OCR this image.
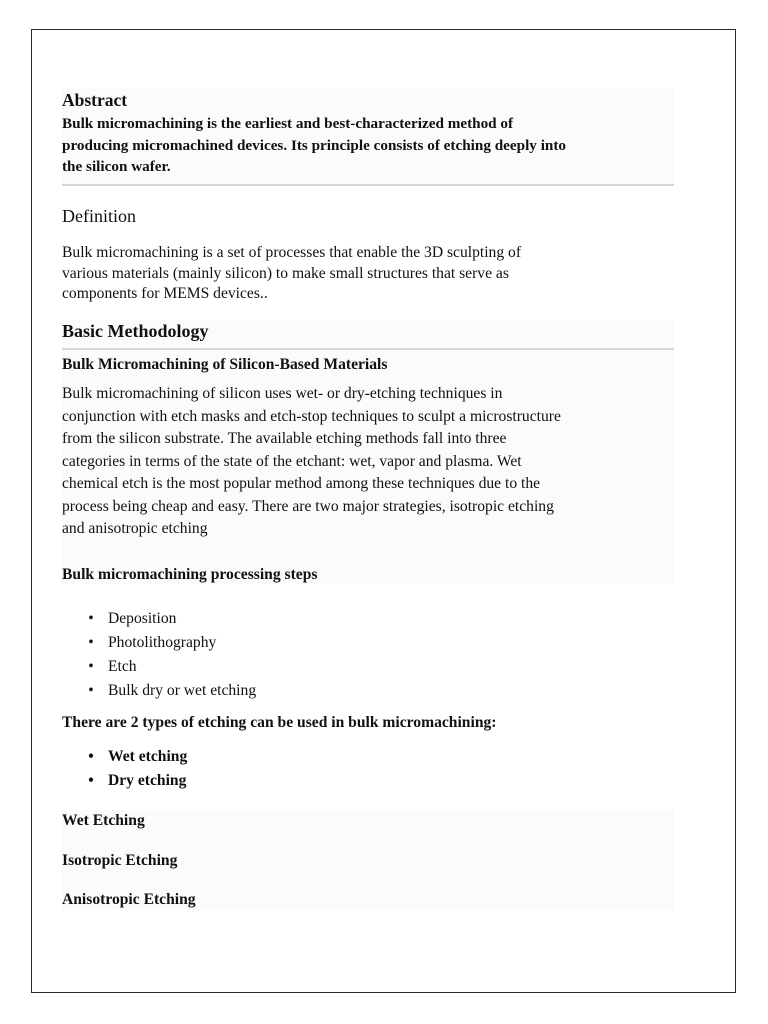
Abstract
Bulk micromachining is the earliest and best-characterized method of
producing micromachined devices. Its principle consists of etching deeply into
the silicon wafer.
Definition
Bulk micromachining is a set of processes that enable the 3D sculpting of
various materials (mainly silicon) to make small structures that serve as
components for MEMS devices..
Basic Methodology
Bulk Micromachining of Silicon-Based Materials
Bulk micromachining of silicon uses wet- or dry-etching techniques in
conjunction with etch masks and etch-stop techniques to sculpt a microstructure
from the silicon substrate. The available etching methods fall into three
categories in terms of the state of the etchant: wet, vapor and plasma. Wet
chemical etch is the most popular method among these techniques due to the
process being cheap and easy. There are two major strategies, isotropic etching
and anisotropic etching
Bulk micromachining processing steps
• Deposition
• Photolithography
• Etch
• Bulk dry or wet etching
There are 2 types of etching can be used in bulk micromachining:
• Wet etching
• Dry etching
Wet Etching
Isotropic Etching
Anisotropic Etching
